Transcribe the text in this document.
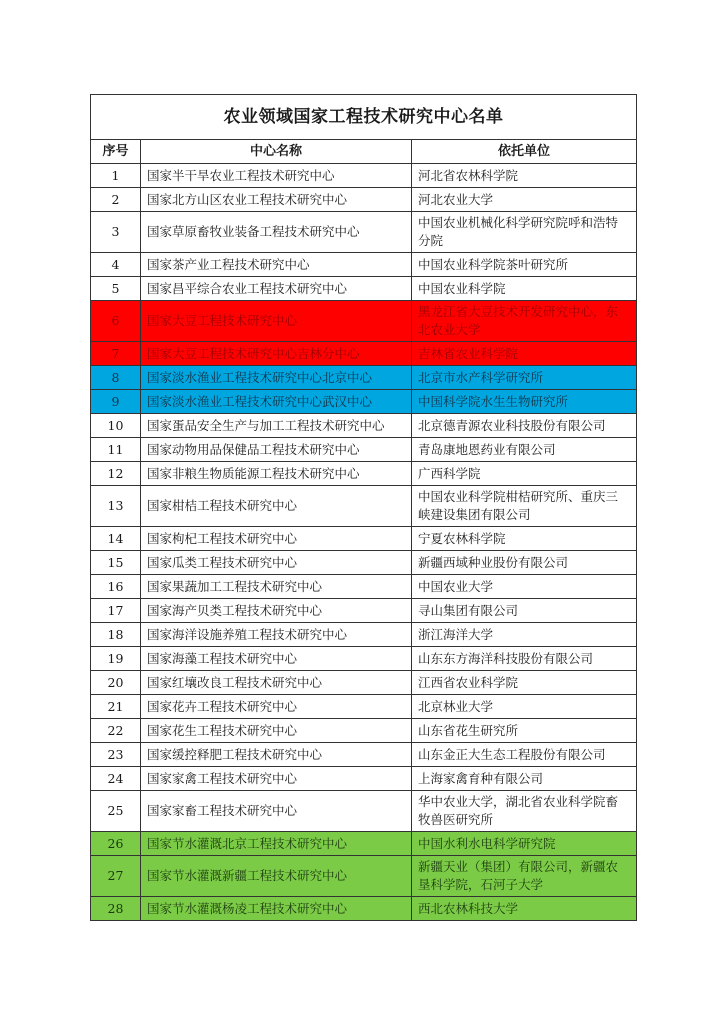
农业领域国家工程技术研究中心名单		
序号	中心名称	依托单位
1	国家半干旱农业工程技术研究中心	河北省农林科学院
2	国家北方山区农业工程技术研究中心	河北农业大学
3	国家草原畜牧业装备工程技术研究中心	中国农业机械化科学研究院呼和浩特分院
4	国家茶产业工程技术研究中心	中国农业科学院茶叶研究所
5	国家昌平综合农业工程技术研究中心	中国农业科学院
6	国家大豆工程技术研究中心	黑龙江省大豆技术开发研究中心，东北农业大学
7	国家大豆工程技术研究中心吉林分中心	吉林省农业科学院
8	国家淡水渔业工程技术研究中心北京中心	北京市水产科学研究所
9	国家淡水渔业工程技术研究中心武汉中心	中国科学院水生生物研究所
10	国家蛋品安全生产与加工工程技术研究中心	北京德青源农业科技股份有限公司
11	国家动物用品保健品工程技术研究中心	青岛康地恩药业有限公司
12	国家非粮生物质能源工程技术研究中心	广西科学院
13	国家柑桔工程技术研究中心	中国农业科学院柑桔研究所、重庆三峡建设集团有限公司
14	国家枸杞工程技术研究中心	宁夏农林科学院
15	国家瓜类工程技术研究中心	新疆西域种业股份有限公司
16	国家果蔬加工工程技术研究中心	中国农业大学
17	国家海产贝类工程技术研究中心	寻山集团有限公司
18	国家海洋设施养殖工程技术研究中心	浙江海洋大学
19	国家海藻工程技术研究中心	山东东方海洋科技股份有限公司
20	国家红壤改良工程技术研究中心	江西省农业科学院
21	国家花卉工程技术研究中心	北京林业大学
22	国家花生工程技术研究中心	山东省花生研究所
23	国家缓控释肥工程技术研究中心	山东金正大生态工程股份有限公司
24	国家家禽工程技术研究中心	上海家禽育种有限公司
25	国家家畜工程技术研究中心	华中农业大学，湖北省农业科学院畜牧兽医研究所
26	国家节水灌溉北京工程技术研究中心	中国水利水电科学研究院
27	国家节水灌溉新疆工程技术研究中心	新疆天业（集团）有限公司，新疆农垦科学院，石河子大学
28	国家节水灌溉杨凌工程技术研究中心	西北农林科技大学
